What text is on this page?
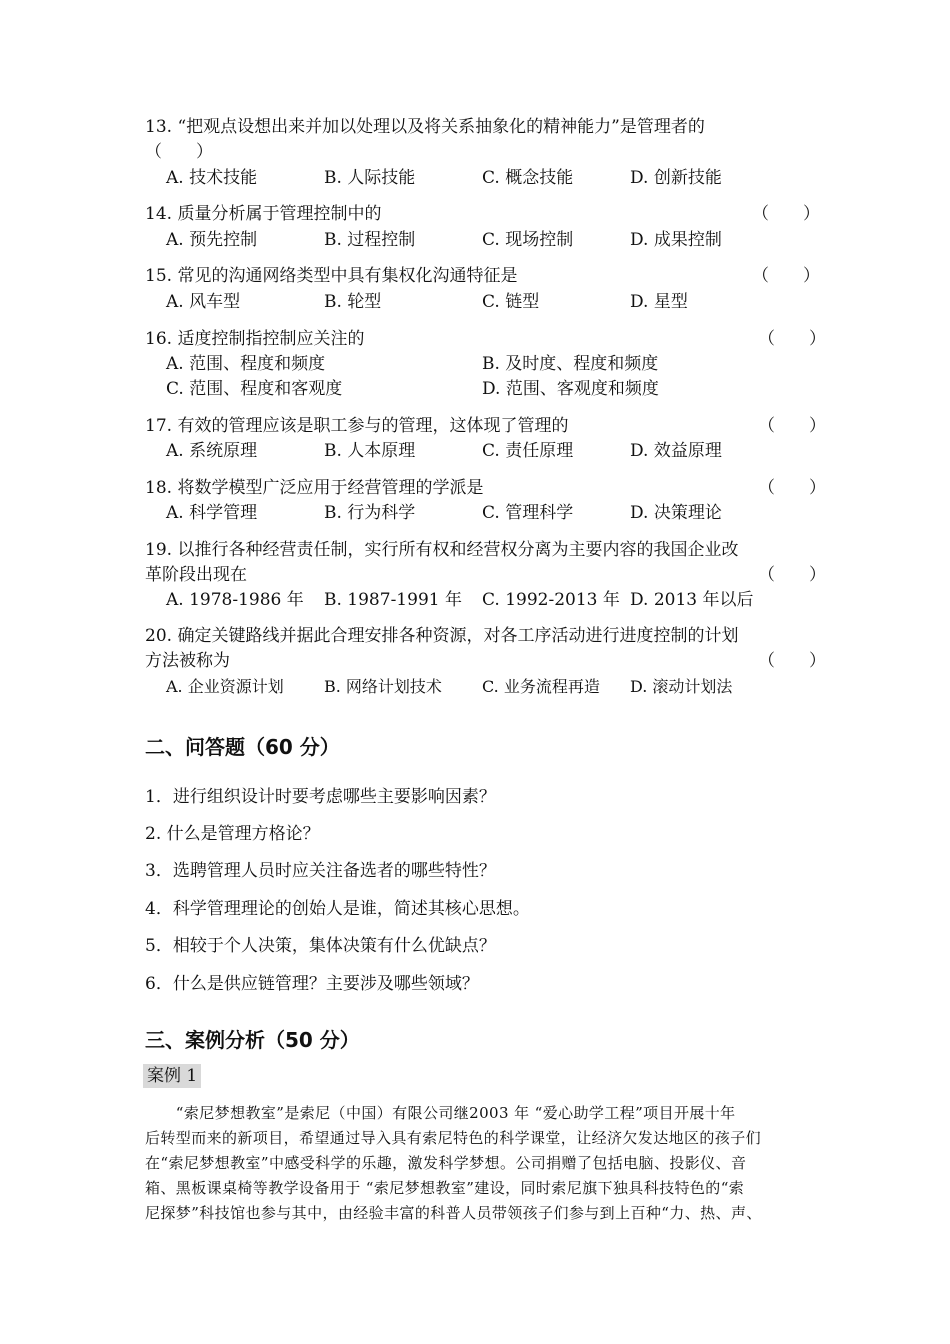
13. “把观点设想出来并加以处理以及将关系抽象化的精神能力”是管理者的
（　　）
A. 技术技能	B. 人际技能	C. 概念技能	D. 创新技能
14. 质量分析属于管理控制中的	（　　）
A. 预先控制	B. 过程控制	C. 现场控制	D. 成果控制
15. 常见的沟通网络类型中具有集权化沟通特征是	（　　）
A. 风车型	B. 轮型	C. 链型	D. 星型
16. 适度控制指控制应关注的	（　　）
A. 范围、程度和频度	B. 及时度、程度和频度
C. 范围、程度和客观度	D. 范围、客观度和频度
17. 有效的管理应该是职工参与的管理，这体现了管理的	（　　）
A. 系统原理	B. 人本原理	C. 责任原理	D. 效益原理
18. 将数学模型广泛应用于经营管理的学派是	（　　）
A. 科学管理	B. 行为科学	C. 管理科学	D. 决策理论
19. 以推行各种经营责任制，实行所有权和经营权分离为主要内容的我国企业改
革阶段出现在	（　　）
A. 1978-1986 年 B. 1987-1991 年 C. 1992-2013 年 D. 2013 年以后
20. 确定关键路线并据此合理安排各种资源，对各工序活动进行进度控制的计划
方法被称为	（　　）
A. 企业资源计划	B. 网络计划技术	C. 业务流程再造 D. 滚动计划法
二、问答题（60 分）
1．进行组织设计时要考虑哪些主要影响因素？
2. 什么是管理方格论？
3．选聘管理人员时应关注备选者的哪些特性？
4．科学管理理论的创始人是谁，简述其核心思想。
5．相较于个人决策，集体决策有什么优缺点？
6．什么是供应链管理？主要涉及哪些领域？
三、案例分析（50 分）
案例 1
　　“索尼梦想教室”是索尼（中国）有限公司继2003 年 “爱心助学工程”项目开展十年
后转型而来的新项目，希望通过导入具有索尼特色的科学课堂，让经济欠发达地区的孩子们
在“索尼梦想教室”中感受科学的乐趣，激发科学梦想。公司捐赠了包括电脑、投影仪、音
箱、黑板课桌椅等教学设备用于 “索尼梦想教室”建设，同时索尼旗下独具科技特色的“索
尼探梦”科技馆也参与其中，由经验丰富的科普人员带领孩子们参与到上百种“力、热、声、
